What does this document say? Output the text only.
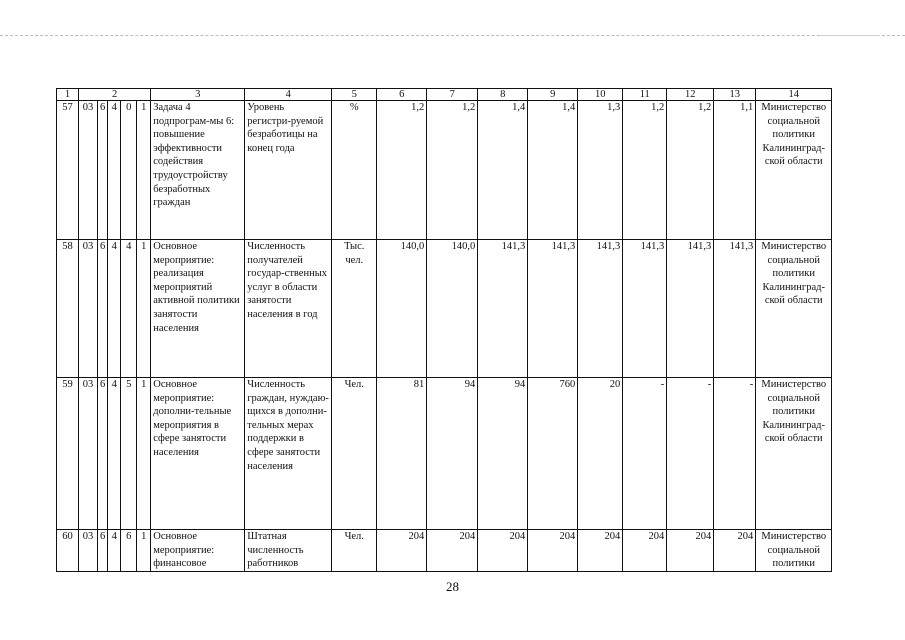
1	2					3	4	5	6	7	8	9	10	11	12	13	14
57	03	6	4	0	1	Задача 4 подпрограм-мы 6: повышение эффективности содействия трудоустройству безработных граждан	Уровень регистри-руемой безработицы на конец года	%	1,2	1,2	1,4	1,4	1,3	1,2	1,2	1,1	Министерство социальной политики Калининград-ской области
58	03	6	4	4	1	Основное мероприятие: реализация мероприятий активной политики занятости населения	Численность получателей государ-ственных услуг в области занятости населения в год	Тыс. чел.	140,0	140,0	141,3	141,3	141,3	141,3	141,3	141,3	Министерство социальной политики Калининград-ской области
59	03	6	4	5	1	Основное мероприятие: дополни-тельные мероприятия в сфере занятости населения	Численность граждан, нуждаю-щихся в дополни-тельных мерах поддержки в сфере занятости населения	Чел.	81	94	94	760	20	-	-	-	Министерство социальной политики Калининград-ской области
60	03	6	4	6	1	Основное мероприятие: финансовое	Штатная численность работников	Чел.	204	204	204	204	204	204	204	204	Министерство социальной политики
28
